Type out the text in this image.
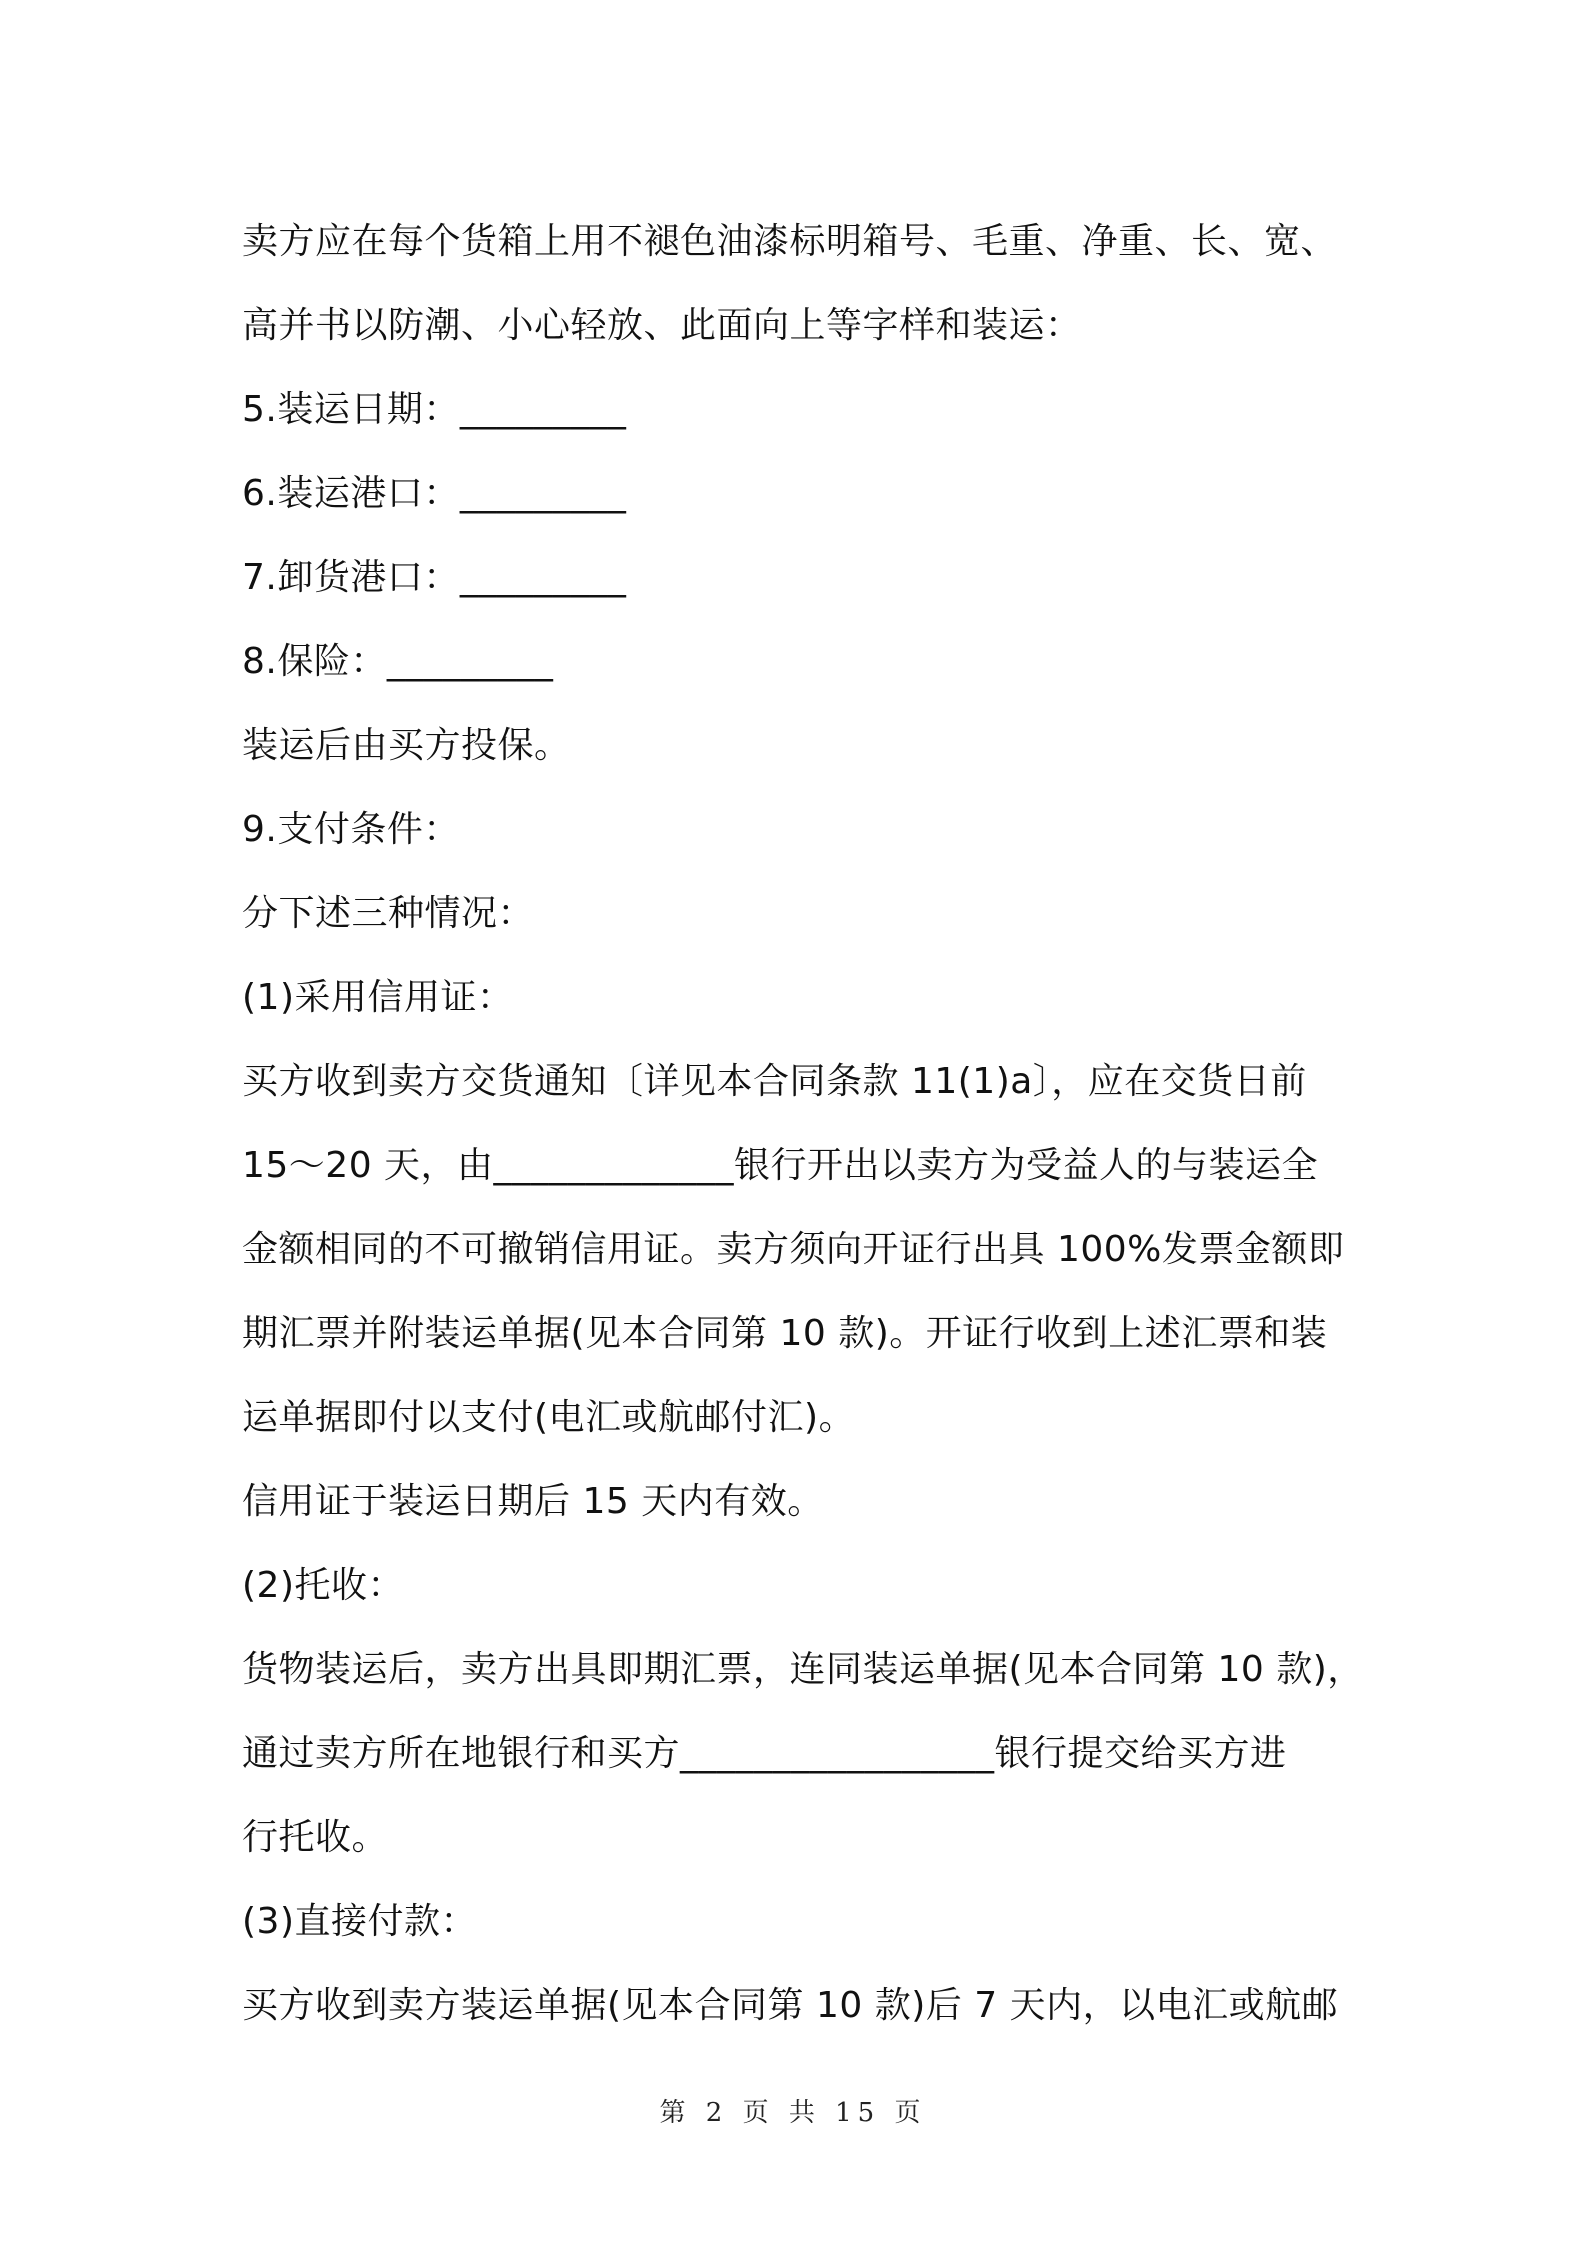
卖方应在每个货箱上用不褪色油漆标明箱号、毛重、净重、长、宽、
高并书以防潮、小心轻放、此面向上等字样和装运：
5.装运日期：_________
6.装运港口：_________
7.卸货港口：_________
8.保险：_________
装运后由买方投保。
9.支付条件：
分下述三种情况：
(1)采用信用证：
买方收到卖方交货通知〔详见本合同条款 11(1)a〕，应在交货日前
15～20 天，由_____________银行开出以卖方为受益人的与装运全
金额相同的不可撤销信用证。卖方须向开证行出具 100%发票金额即
期汇票并附装运单据(见本合同第 10 款)。开证行收到上述汇票和装
运单据即付以支付(电汇或航邮付汇)。
信用证于装运日期后 15 天内有效。
(2)托收：
货物装运后，卖方出具即期汇票，连同装运单据(见本合同第 10 款)，
通过卖方所在地银行和买方_________________银行提交给买方进
行托收。
(3)直接付款：
买方收到卖方装运单据(见本合同第 10 款)后 7 天内，以电汇或航邮
第 2 页 共 15 页
